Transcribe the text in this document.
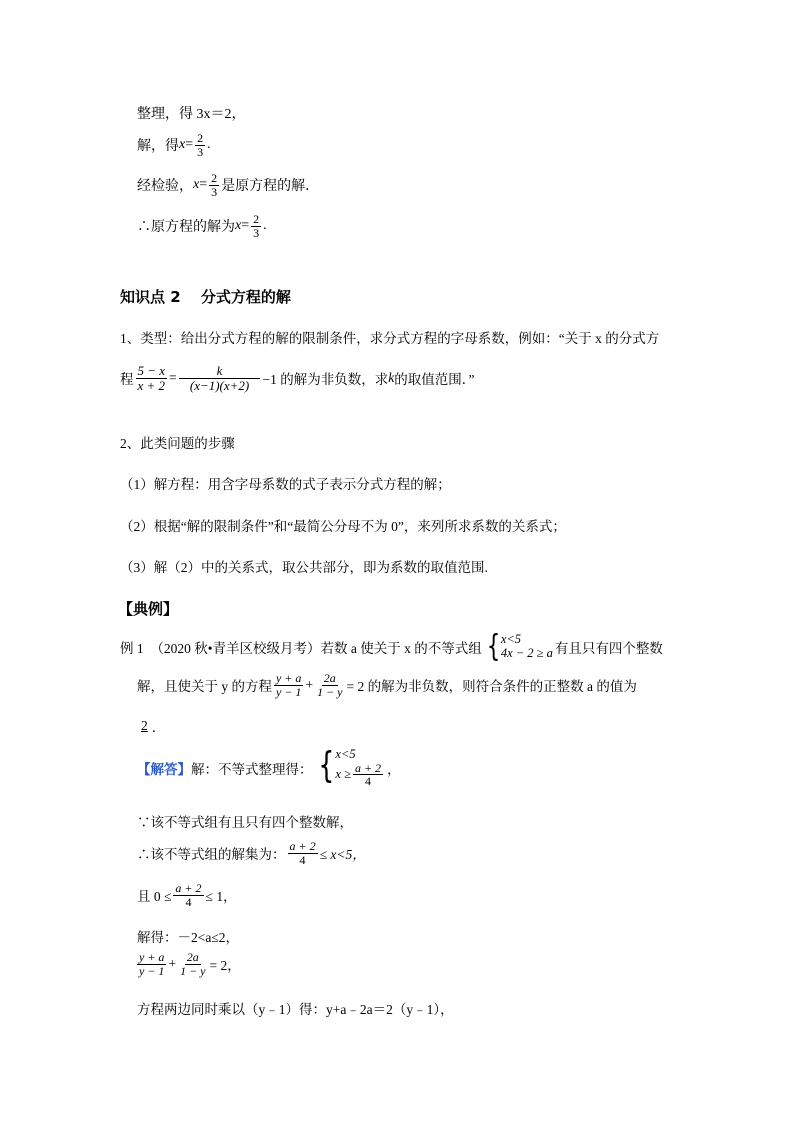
整理，得 3x＝2，
解，得 $x = \frac{2}{3}$ .
经检验， $x = \frac{2}{3}$ 是原方程的解．
∴原方程的解为 $x = \frac{2}{3}$ .
知识点 2　 分式方程的解
1、类型：给出分式方程的解的限制条件，求分式方程的字母系数，例如：“关于 x 的分式方
程 $\frac{5 - x}{x + 2} = \frac{k}{(x-1)(x+2)} -1$ 的解为非负数，求 k 的取值范围．”
2、此类问题的步骤
（1）解方程：用含字母系数的式子表示分式方程的解；
（2）根据“解的限制条件”和“最简公分母不为 0”，来列所求系数的关系式；
（3）解（2）中的关系式，取公共部分，即为系数的取值范围.
【典例】
例 1　（2020 秋•青羊区校级月考）若数 a 使关于 x 的不等式组 { x<5
4x − 2 ≥ a 有且只有四个整数
解，且使关于 y 的方程 $\frac{y + a}{y - 1} + \frac{2a}{1 - y} = 2$ 的解为非负数，则符合条件的正整数 a 的值为
2 ．
【解答】 解：不等式整理得： { x<5
$x \ge \frac{a + 2}{4}$ ，
∵该不等式组有且只有四个整数解，
∴该不等式组的解集为： $\frac{a + 2}{4} \le x<5$，
且 $0 \le \frac{a + 2}{4} \le 1$，
解得：－2<a≤2，
$\frac{y + a}{y - 1} + \frac{2a}{1 - y} = 2$，
方程两边同时乘以（y﹣1）得：y+a﹣2a＝2（y﹣1），
